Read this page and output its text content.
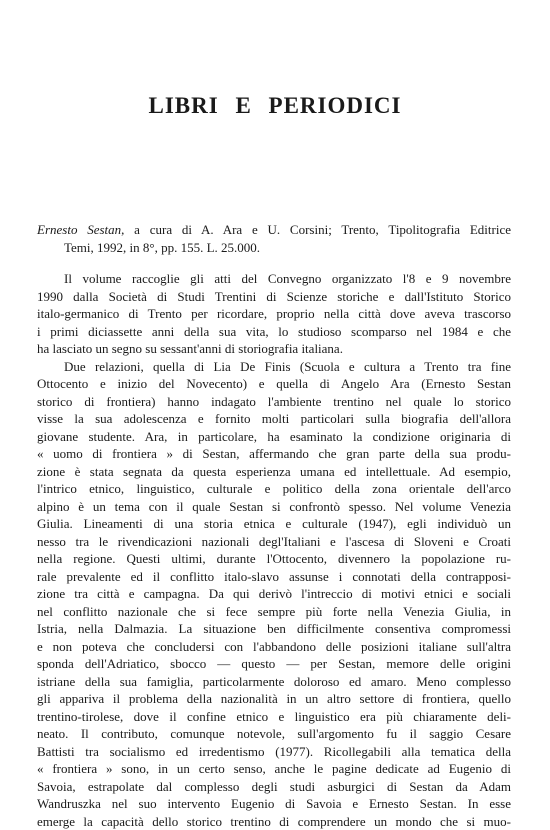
LIBRI E PERIODICI
Ernesto Sestan, a cura di A. Ara e U. Corsini; Trento, Tipolitografia Editrice
Temi, 1992, in 8°, pp. 155. L. 25.000.
Il volume raccoglie gli atti del Convegno organizzato l'8 e 9 novembre
1990 dalla Società di Studi Trentini di Scienze storiche e dall'Istituto Storico
italo-germanico di Trento per ricordare, proprio nella città dove aveva trascorso
i primi diciassette anni della sua vita, lo studioso scomparso nel 1984 e che
ha lasciato un segno su sessant'anni di storiografia italiana.
Due relazioni, quella di Lia De Finis (Scuola e cultura a Trento tra fine
Ottocento e inizio del Novecento) e quella di Angelo Ara (Ernesto Sestan
storico di frontiera) hanno indagato l'ambiente trentino nel quale lo storico
visse la sua adolescenza e fornito molti particolari sulla biografia dell'allora
giovane studente. Ara, in particolare, ha esaminato la condizione originaria di
« uomo di frontiera » di Sestan, affermando che gran parte della sua produ-
zione è stata segnata da questa esperienza umana ed intellettuale. Ad esempio,
l'intrico etnico, linguistico, culturale e politico della zona orientale dell'arco
alpino è un tema con il quale Sestan si confrontò spesso. Nel volume Venezia
Giulia. Lineamenti di una storia etnica e culturale (1947), egli individuò un
nesso tra le rivendicazioni nazionali degl'Italiani e l'ascesa di Sloveni e Croati
nella regione. Questi ultimi, durante l'Ottocento, divennero la popolazione ru-
rale prevalente ed il conflitto italo-slavo assunse i connotati della contrapposi-
zione tra città e campagna. Da qui derivò l'intreccio di motivi etnici e sociali
nel conflitto nazionale che si fece sempre più forte nella Venezia Giulia, in
Istria, nella Dalmazia. La situazione ben difficilmente consentiva compromessi
e non poteva che concludersi con l'abbandono delle posizioni italiane sull'altra
sponda dell'Adriatico, sbocco — questo — per Sestan, memore delle origini
istriane della sua famiglia, particolarmente doloroso ed amaro. Meno complesso
gli appariva il problema della nazionalità in un altro settore di frontiera, quello
trentino-tirolese, dove il confine etnico e linguistico era più chiaramente deli-
neato. Il contributo, comunque notevole, sull'argomento fu il saggio Cesare
Battisti tra socialismo ed irredentismo (1977). Ricollegabili alla tematica della
« frontiera » sono, in un certo senso, anche le pagine dedicate ad Eugenio di
Savoia, estrapolate dal complesso degli studi asburgici di Sestan da Adam
Wandruszka nel suo intervento Eugenio di Savoia e Ernesto Sestan. In esse
emerge la capacità dello storico trentino di comprendere un mondo che si muo-
